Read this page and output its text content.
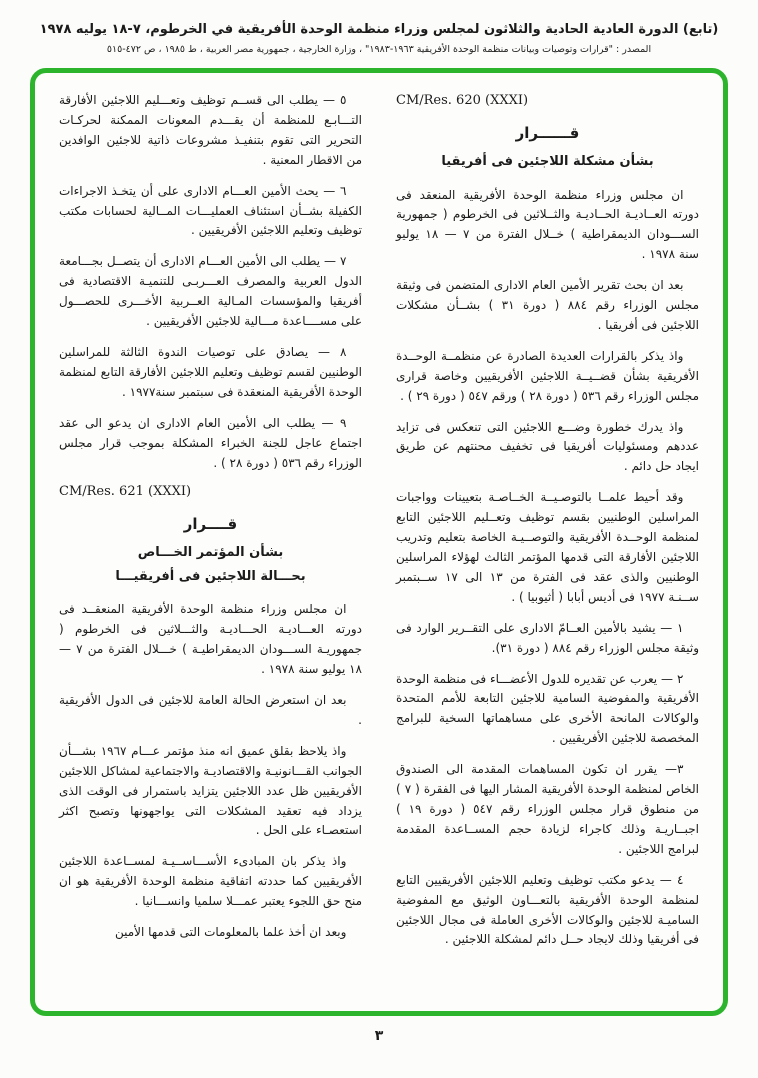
(تابع) الدورة العادية الحادية والثلاثون لمجلس وزراء منظمة الوحدة الأفريقية في الخرطوم، ٧-١٨ يوليه ١٩٧٨
المصدر : "قرارات وتوصيات وبيانات منظمة الوحدة الأفريقية ١٩٦٣-١٩٨٣" ، وزارة الخارجية ، جمهورية مصر العربية ، ط ١٩٨٥ ، ص ٤٧٢-٥١٥
CM/Res. 620 (XXXI)
قــــــرار
بشأن مشكلة اللاجئين فى أفريقيا

ان مجلس وزراء منظمة الوحدة الأفريقية المنعقد فى دورته العــاديـة الحــاديـة والثــلاثين فى الخرطوم ( جمهورية الســـودان الديمقراطية ) خــلال الفترة من ٧ — ١٨ يوليو سنة ١٩٧٨ .

بعد ان بحث تقرير الأمين العام الادارى المتضمن فى وثيقة مجلس الوزراء رقم ٨٨٤ ( دورة ٣١ ) بشــأن مشكلات اللاجئين فى أفريقيا .

واذ يذكر بالقرارات العديدة الصادرة عن منظمــة الوحــدة الأفريقية بشأن قضــيــة اللاجئين الأفريقيين وخاصة قرارى مجلس الوزراء رقم ٥٣٦ ( دورة ٢٨ ) ورقم ٥٤٧ ( دورة ٢٩ ) .

واذ يدرك خطورة وضـــع اللاجئين التى تنعكس فى تزايد عددهم ومسئوليات أفريقيا فى تخفيف محنتهم عن طريق ايجاد حل دائم .

وقد أحيط علمــا بالتوصـيــة الخــاصـة بتعيينات وواجبات المراسلين الوطنيين بقسم توظيف وتعــليم اللاجئين التابع لمنظمة الوحــدة الأفريقية والتوصــيـة الخاصة بتعليم وتدريب اللاجئين الأفارقة التى قدمها المؤتمر الثالث لهؤلاء المراسلين الوطنيين والذى عقد فى الفترة من ١٣ الى ١٧ ســبتمبر ســنـة ١٩٧٧ فى أديس أبابا ( أثيوبيا ) .

١ — يشيد بالأمين العــامّ الادارى على التقــرير الوارد فى وثيقة مجلس الوزراء رقم ٨٨٤ ( دورة ٣١).

٢ — يعرب عن تقديره للدول الأعضـــاء فى منظمة الوحدة الأفريقية والمفوضية السامية للاجئين التابعة للأمم المتحدة والوكالات المانحة الأخرى على مساهماتها السخية للبرامج المخصصة للاجئين الأفريقيين .

٣— يقرر ان تكون المساهمات المقدمة الى الصندوق الخاص لمنظمة الوحدة الأفريقية المشار اليها فى الفقرة ( ٧ ) من منطوق قرار مجلس الوزراء رقم ٥٤٧ ( دورة ١٩ ) اجبــاريـة وذلك كاجراء لزيادة حجم المســاعدة المقدمة لبرامج اللاجئين .

٤ — يدعو مكتب توظيف وتعليم اللاجئين الأفريقيين التابع لمنظمة الوحدة الأفريقية بالتعـــاون الوثيق مع المفوضية الساميـة للاجئين والوكالات الأخرى العاملة فى مجال اللاجئين فى أفريقيا وذلك لايجاد حــل دائم لمشكلة اللاجئين .

٥ — يطلب الى قســم توظيف وتعـــليم اللاجئين الأفارقة التـــابـع للمنظمة أن يقـــدم المعونات الممكنة لحركـات التحرير التى تقوم بتنفيـذ مشروعات ذاتية للاجئين الوافدين من الاقطار المعنية .

٦ — يحث الأمين العـــام الادارى على أن يتخـذ الاجراءات الكفيلة بشــأن استئناف العمليـــات المــالية لحسابات مكتب توظيف وتعليم اللاجئين الأفريقيين .

٧ — يطلب الى الأمين العـــام الادارى أن يتصــل بجـــامعة الدول العربية والمصرف العـــربـى للتنميـة الاقتصادية فى أفريقيا والمؤسسات المـالية العــربية الأخـــرى للحصـــول على مســــاعدة مـــالية للاجئين الأفريقيين .

٨ — يصادق على توصيات الندوة الثالثة للمراسلين الوطنيين لقسم توظيف وتعليم اللاجئين الأفارقة التابع لمنظمة الوحدة الأفريقية المنعقدة فى سبتمبر سنة١٩٧٧ .

٩ — يطلب الى الأمين العام الادارى ان يدعو الى عقد اجتماع عاجل للجنة الخبراء المشكلة بموجب قرار مجلس الوزراء رقم ٥٣٦ ( دورة ٢٨ ) .

CM/Res. 621 (XXXI)
قــــرار
بشأن المؤتمر الخـــاص
بحـــالة اللاجئين فى أفريقيـــا

ان مجلس وزراء منظمة الوحدة الأفريقية المنعقــد فى دورته العـــاديـة الحـــاديـة والثـــلاثين فى الخرطوم ( جمهوريـة الســـودان الديمقراطيـة ) خـــلال الفترة من ٧ — ١٨ يوليو سنة ١٩٧٨ .

بعد ان استعرض الحالة العامة للاجئين فى الدول الأفريقية .

واذ يلاحظ بقلق عميق انه منذ مؤتمر عـــام ١٩٦٧ بشـــأن الجوانب القـــانونيـة والاقتصاديـة والاجتماعية لمشاكل اللاجئين الأفريقيين ظل عدد اللاجئين يتزايد باستمرار فى الوقت الذى يزداد فيه تعقيد المشكلات التى يواجهونها وتصبح اكثر استعصـاء على الحل .

واذ يذكر بان المبادىء الأســـاســيـة لمســاعدة اللاجئين الأفريقيين كما حددته اتفاقية منظمة الوحدة الأفريقية هو ان منح حق اللجوء يعتبر عمـــلا سلميا وانســـانيا .

وبعد ان أخذ علما بالمعلومات التى قدمها الأمين

٣
